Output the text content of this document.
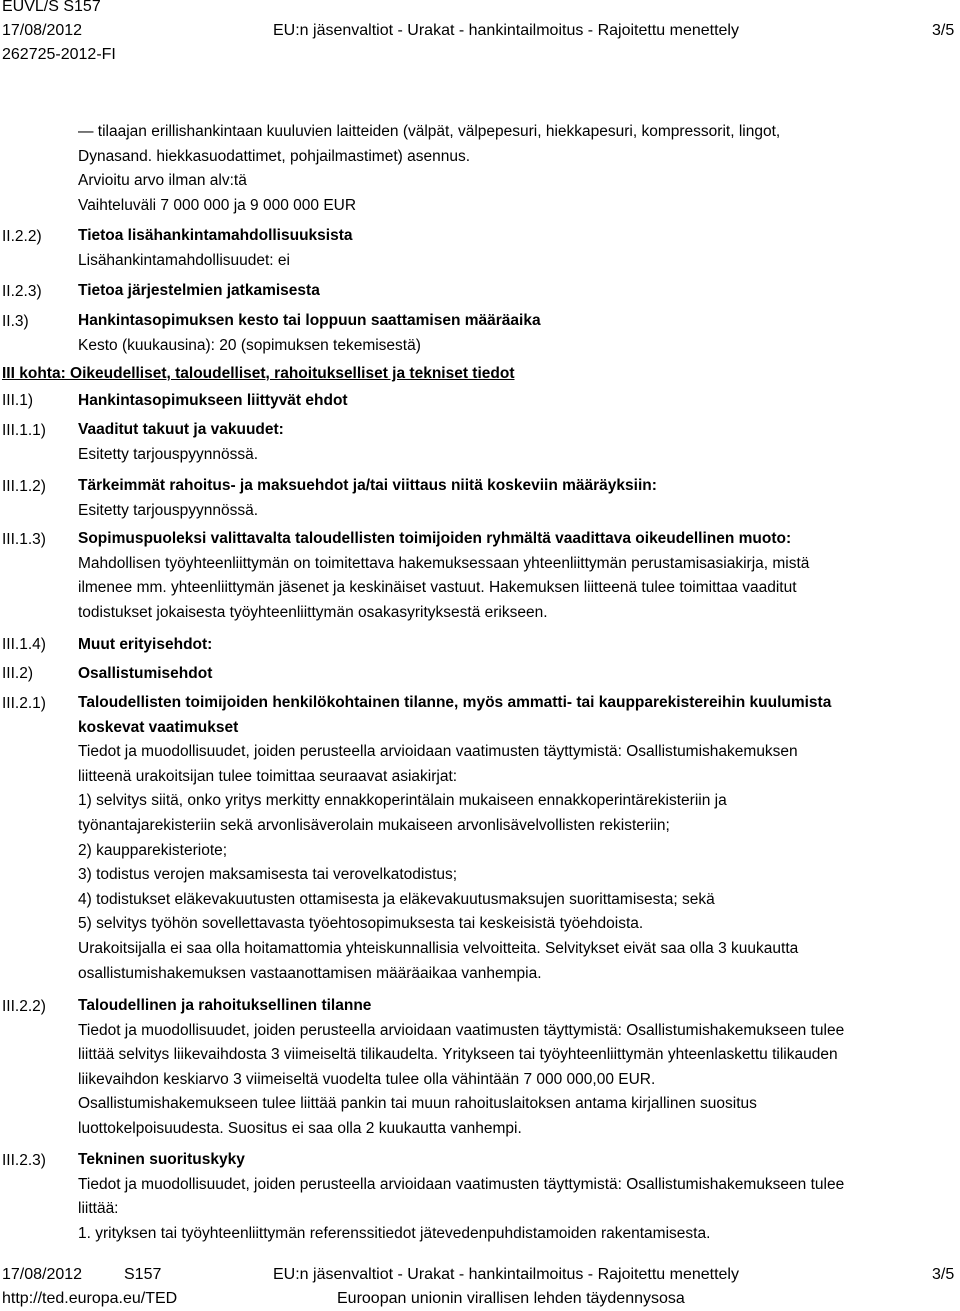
EUVL/S S157
17/08/2012	EU:n jäsenvaltiot - Urakat - hankintailmoitus - Rajoitettu menettely	3/5
262725-2012-FI
— tilaajan erillishankintaan kuuluvien laitteiden (välpät, välpepesuri, hiekkapesuri, kompressorit, lingot,
Dynasand. hiekkasuodattimet, pohjailmastimet) asennus.
Arvioitu arvo ilman alv:tä
Vaihteluväli 7 000 000 ja 9 000 000 EUR
II.2.2) Tietoa lisähankintamahdollisuuksista
Lisähankintamahdollisuudet: ei
II.2.3) Tietoa järjestelmien jatkamisesta
II.3)	Hankintasopimuksen kesto tai loppuun saattamisen määräaika
Kesto (kuukausina): 20 (sopimuksen tekemisestä)
III kohta: Oikeudelliset, taloudelliset, rahoitukselliset ja tekniset tiedot
III.1)	Hankintasopimukseen liittyvät ehdot
III.1.1) Vaaditut takuut ja vakuudet:
Esitetty tarjouspyynnössä.
III.1.2) Tärkeimmät rahoitus- ja maksuehdot ja/tai viittaus niitä koskeviin määräyksiin:
Esitetty tarjouspyynnössä.
III.1.3) Sopimuspuoleksi valittavalta taloudellisten toimijoiden ryhmältä vaadittava oikeudellinen muoto:
Mahdollisen työyhteenliittymän on toimitettava hakemuksessaan yhteenliittymän perustamisasiakirja, mistä
ilmenee mm. yhteenliittymän jäsenet ja keskinäiset vastuut. Hakemuksen liitteenä tulee toimittaa vaaditut
todistukset jokaisesta työyhteenliittymän osakasyrityksestä erikseen.
III.1.4) Muut erityisehdot:
III.2)	Osallistumisehdot
III.2.1) Taloudellisten toimijoiden henkilökohtainen tilanne, myös ammatti- tai kaupparekistereihin kuulumista
koskevat vaatimukset
Tiedot ja muodollisuudet, joiden perusteella arvioidaan vaatimusten täyttymistä: Osallistumishakemuksen
liitteenä urakoitsijan tulee toimittaa seuraavat asiakirjat:
1) selvitys siitä, onko yritys merkitty ennakkoperintälain mukaiseen ennakkoperintärekisteriin ja
työnantajarekisteriin sekä arvonlisäverolain mukaiseen arvonlisävelvollisten rekisteriin;
2) kaupparekisteriote;
3) todistus verojen maksamisesta tai verovelkatodistus;
4) todistukset eläkevakuutusten ottamisesta ja eläkevakuutusmaksujen suorittamisesta; sekä
5) selvitys työhön sovellettavasta työehtosopimuksesta tai keskeisistä työehdoista.
Urakoitsijalla ei saa olla hoitamattomia yhteiskunnallisia velvoitteita. Selvitykset eivät saa olla 3 kuukautta
osallistumishakemuksen vastaanottamisen määräaikaa vanhempia.
III.2.2) Taloudellinen ja rahoituksellinen tilanne
Tiedot ja muodollisuudet, joiden perusteella arvioidaan vaatimusten täyttymistä: Osallistumishakemukseen tulee
liittää selvitys liikevaihdosta 3 viimeiseltä tilikaudelta. Yritykseen tai työyhteenliittymän yhteenlaskettu tilikauden
liikevaihdon keskiarvo 3 viimeiseltä vuodelta tulee olla vähintään 7 000 000,00 EUR.
Osallistumishakemukseen tulee liittää pankin tai muun rahoituslaitoksen antama kirjallinen suositus
luottokelpoisuudesta. Suositus ei saa olla 2 kuukautta vanhempi.
III.2.3) Tekninen suorituskyky
Tiedot ja muodollisuudet, joiden perusteella arvioidaan vaatimusten täyttymistä: Osallistumishakemukseen tulee
liittää:
1. yrityksen tai työyhteenliittymän referenssitiedot jätevedenpuhdistamoiden rakentamisesta.
17/08/2012	S157	EU:n jäsenvaltiot - Urakat - hankintailmoitus - Rajoitettu menettely	3/5
http://ted.europa.eu/TED	Euroopan unionin virallisen lehden täydennysosa
